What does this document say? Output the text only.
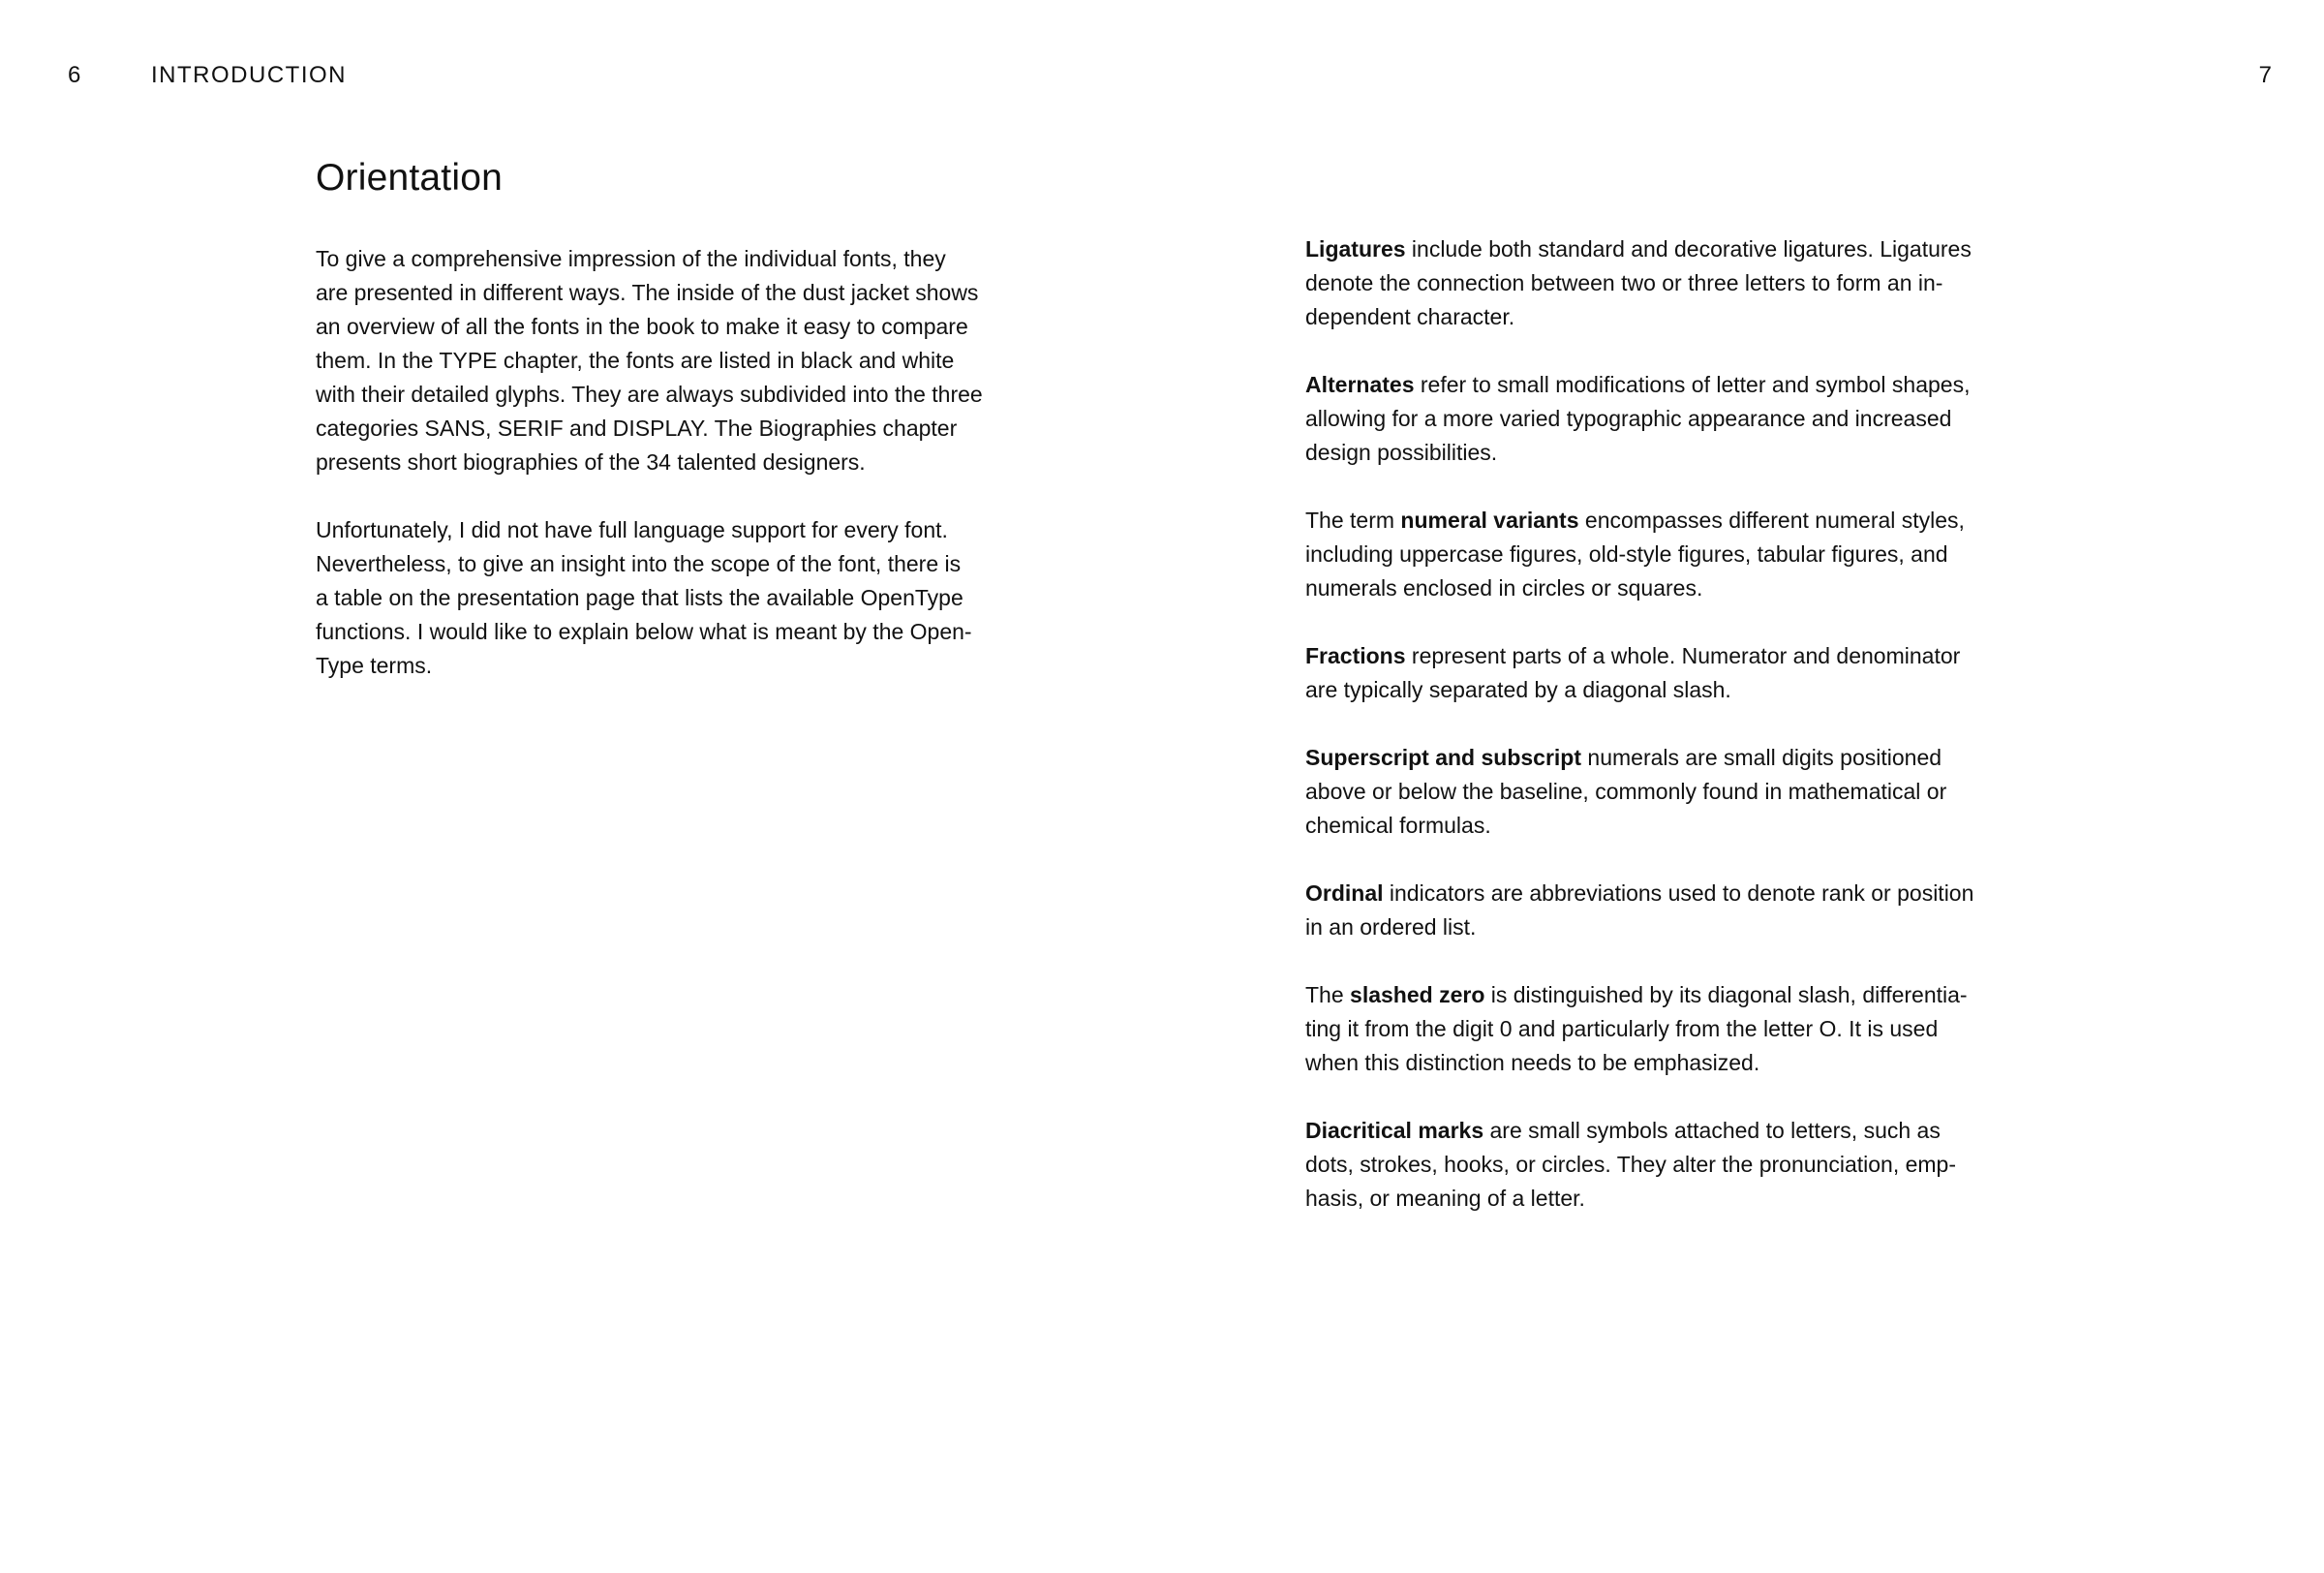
6	INTRODUCTION	7
Orientation

To give a comprehensive impression of the individual fonts, they
are presented in different ways. The inside of the dust jacket shows
an overview of all the fonts in the book to make it easy to compare
them. In the TYPE chapter, the fonts are listed in black and white
with their detailed glyphs. They are always subdivided into the three
categories SANS, SERIF and DISPLAY. The Biographies chapter
presents short biographies of the 34 talented designers.

Unfortunately, I did not have full language support for every font.
Nevertheless, to give an insight into the scope of the font, there is
a table on the presentation page that lists the available OpenType
functions. I would like to explain below what is meant by the Open-
Type terms.

Ligatures include both standard and decorative ligatures. Ligatures
denote the connection between two or three letters to form an in-
dependent character.

Alternates refer to small modifications of letter and symbol shapes,
allowing for a more varied typographic appearance and increased
design possibilities.

The term numeral variants encompasses different numeral styles,
including uppercase figures, old-style figures, tabular figures, and
numerals enclosed in circles or squares.

Fractions represent parts of a whole. Numerator and denominator
are typically separated by a diagonal slash.

Superscript and subscript numerals are small digits positioned
above or below the baseline, commonly found in mathematical or
chemical formulas.

Ordinal indicators are abbreviations used to denote rank or position
in an ordered list.

The slashed zero is distinguished by its diagonal slash, differentia-
ting it from the digit 0 and particularly from the letter O. It is used
when this distinction needs to be emphasized.

Diacritical marks are small symbols attached to letters, such as
dots, strokes, hooks, or circles. They alter the pronunciation, emp-
hasis, or meaning of a letter.
